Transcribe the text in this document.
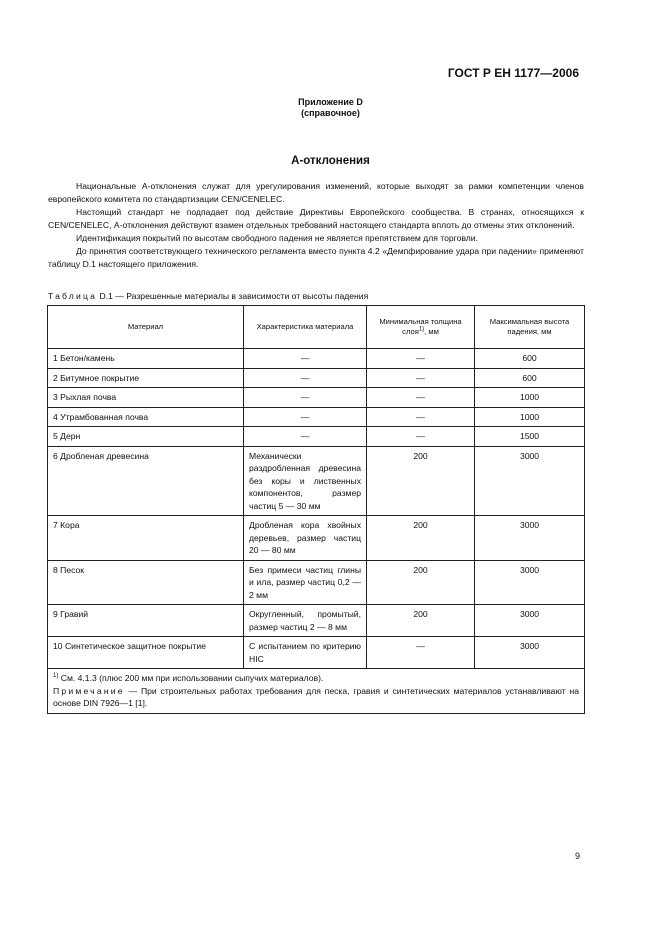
ГОСТ Р ЕН 1177—2006
Приложение D
(справочное)
А-отклонения

Национальные А-отклонения служат для урегулирования изменений, которые выходят за рамки компетенции членов европейского комитета по стандартизации CEN/CENELEC.

Настоящий стандарт не подпадает под действие Директивы Европейского сообщества. В странах, относящихся к CEN/CENELEC, А-отклонения действуют взамен отдельных требований настоящего стандарта вплоть до отмены этих отклонений.

Идентификация покрытий по высотам свободного падения не является препятствием для торговли.

До принятия соответствующего технического регламента вместо пункта 4.2 «Демпфирование удара при падении» применяют таблицу D.1 настоящего приложения.

Таблица D.1 — Разрешенные материалы в зависимости от высоты падения
Материал	Характеристика материала	Минимальная толщина слоя$^{1)}$, мм	Максимальная высота падения, мм
1 Бетон/камень	—	—	600
2 Битумное покрытие	—	—	600
3 Рыхлая почва	—	—	1000
4 Утрамбованная почва	—	—	1000
5 Дерн	—	—	1500
6 Дробленая древесина	Механически раздробленная древесина без коры и лиственных компонентов, размер частиц 5 — 30 мм	200	3000
7 Кора	Дробленая кора хвойных деревьев, размер частиц 20 — 80 мм	200	3000
8 Песок	Без примеси частиц глины и ила, размер частиц 0,2 — 2 мм	200	3000
9 Гравий	Округленный, промытый, размер частиц 2 — 8 мм	200	3000
10 Синтетическое защитное покрытие	С испытанием по критерию HIC	—	3000

$^{1)}$ См. 4.1.3 (плюс 200 мм при использовании сыпучих материалов).
Примечание — При строительных работах требования для песка, гравия и синтетических материалов устанавливают на основе DIN 7926—1 [1].			
9
